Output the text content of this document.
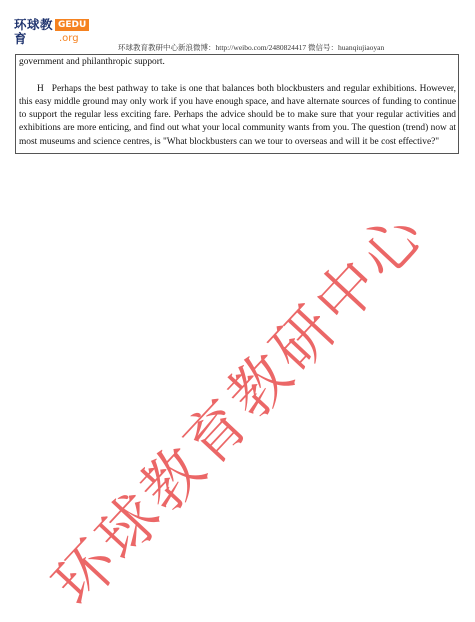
环球教育
GEDU
.org
环球教育教研中心新浪微博：http://weibo.com/2480824417 微信号：huanqiujiaoyan

government and philanthropic support.

H Perhaps the best pathway to take is one that balances both blockbusters and regular exhibitions. However, this easy middle ground may only work if you have enough space, and have alternate sources of funding to continue to support the regular less exciting fare. Perhaps the advice should be to make sure that your regular activities and exhibitions are more enticing, and find out what your local community wants from you. The question (trend) now at most museums and science centres, is "What blockbusters can we tour to overseas and will it be cost effective?"

环球教育教研中心
